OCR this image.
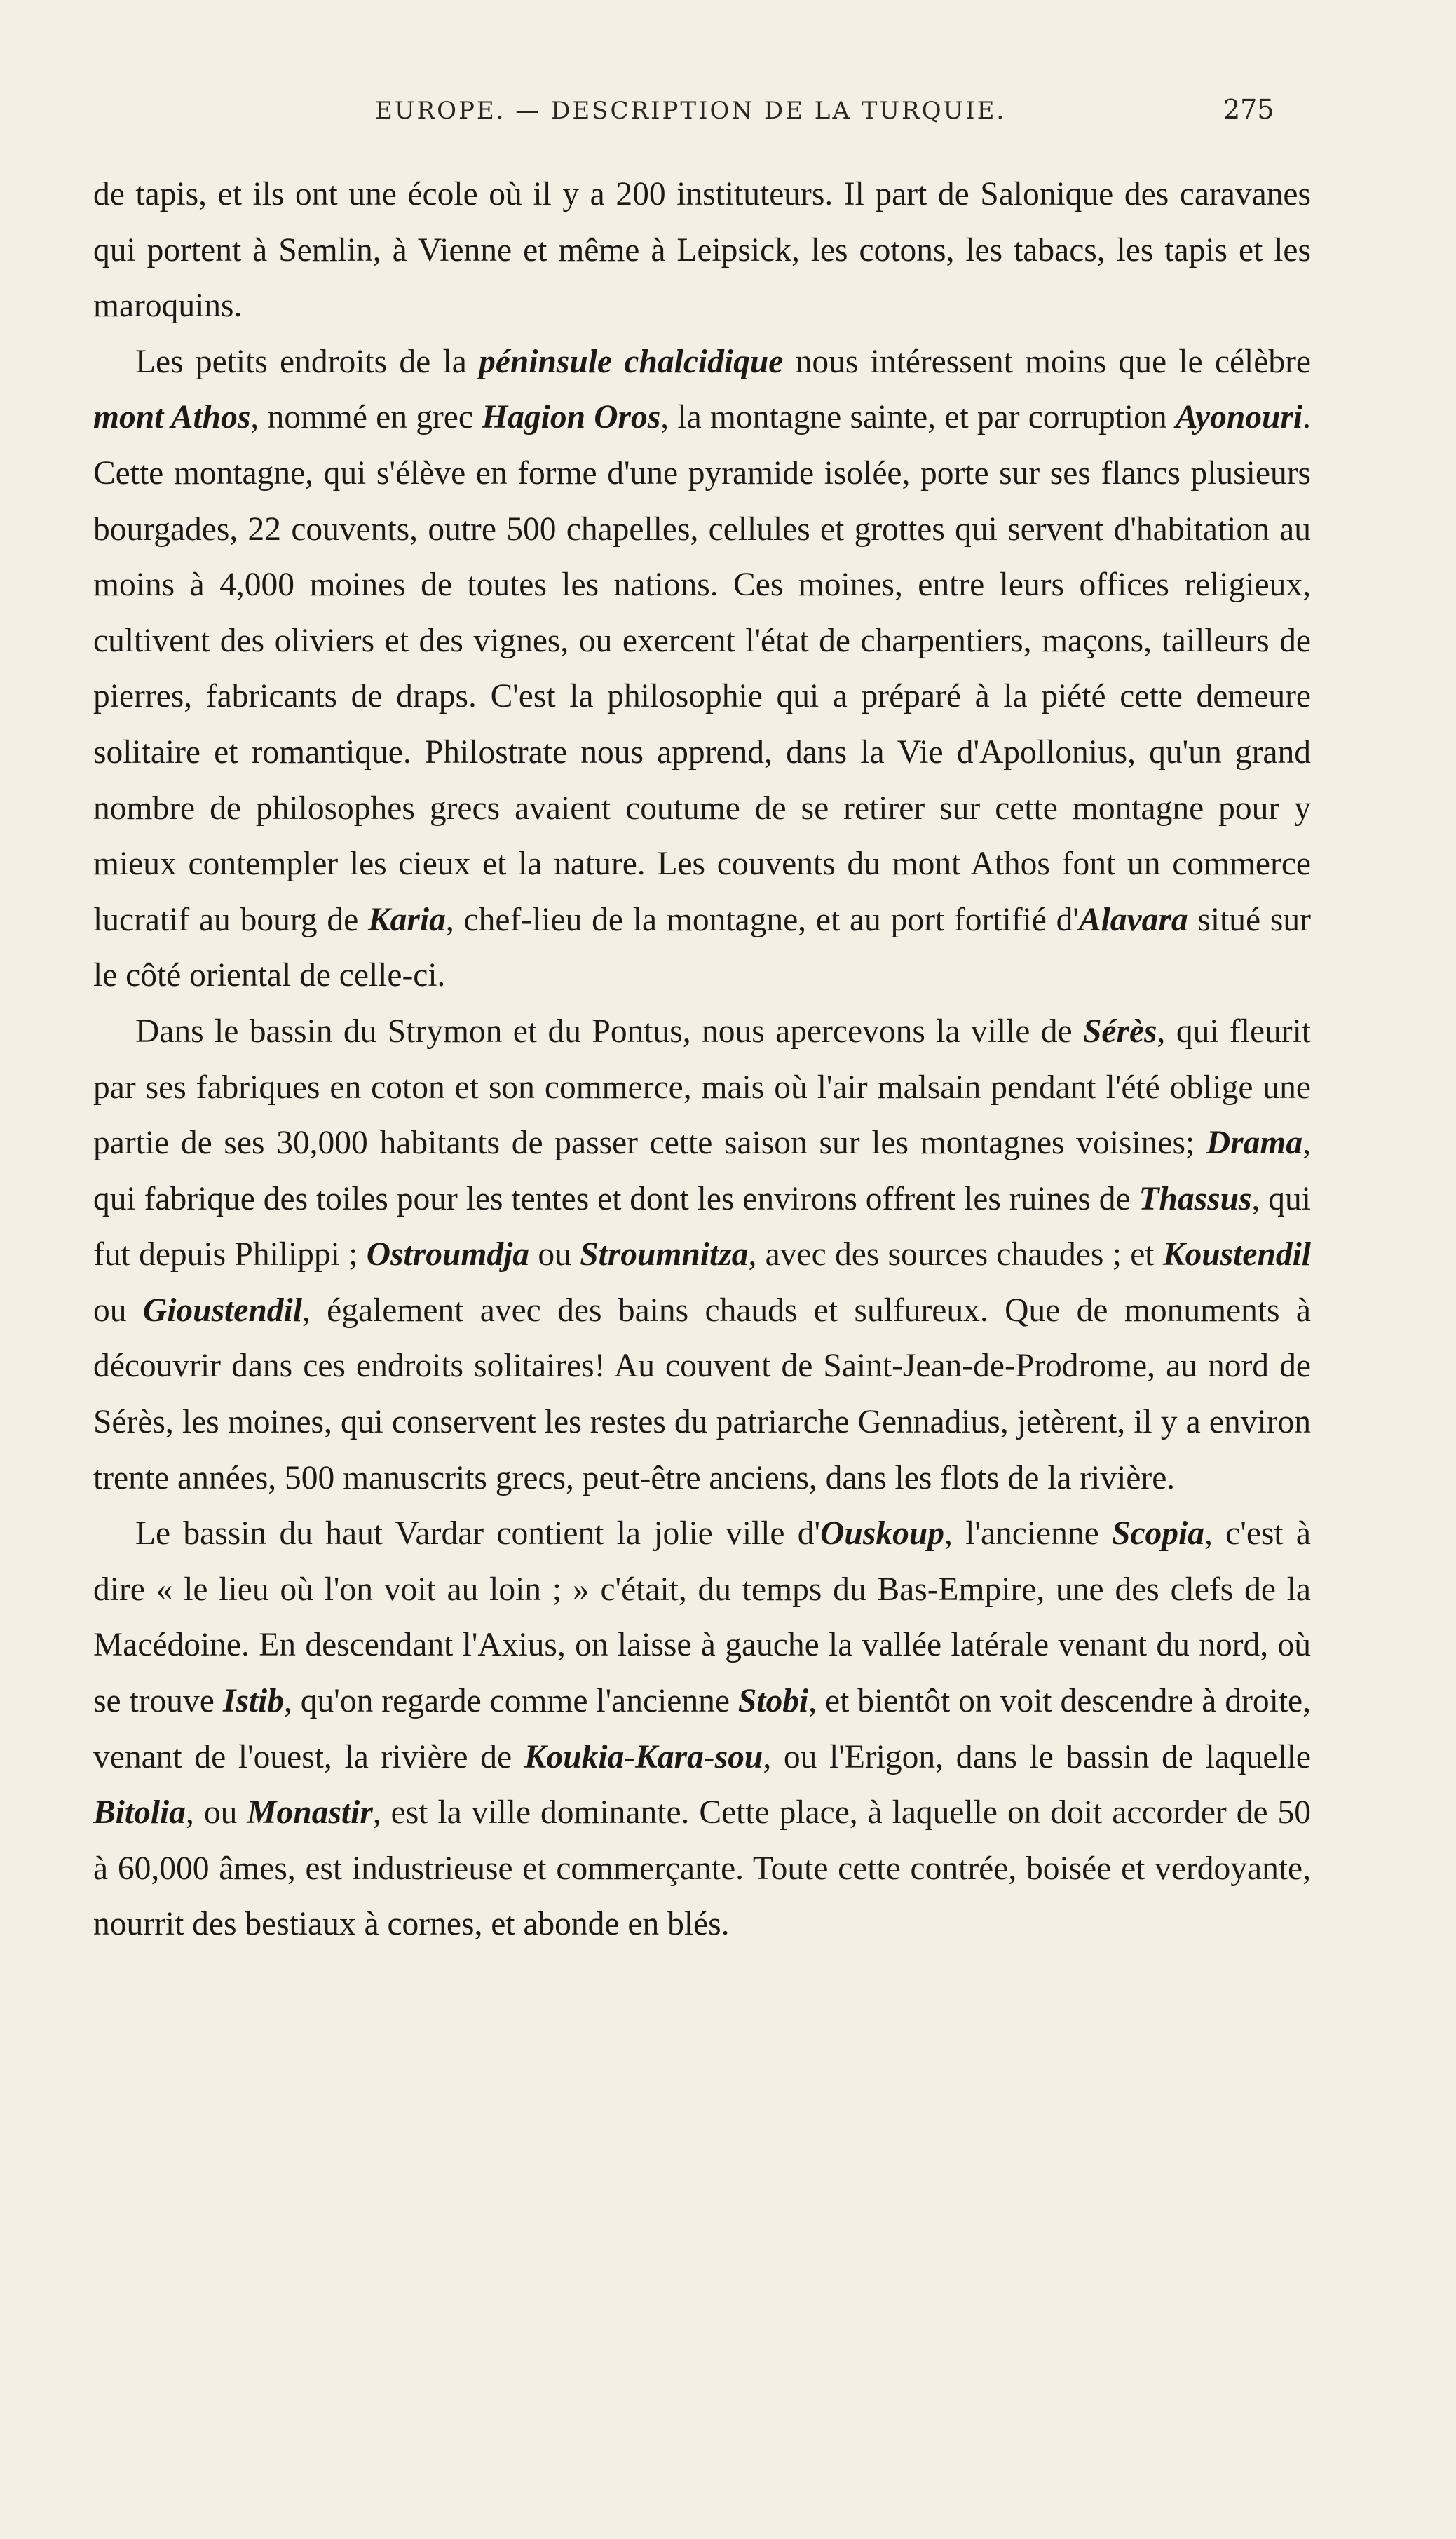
EUROPE. — DESCRIPTION DE LA TURQUIE.	275

de tapis, et ils ont une école où il y a 200 instituteurs. Il part de Salonique des caravanes qui portent à Semlin, à Vienne et même à Leipsick, les cotons, les tabacs, les tapis et les maroquins.

Les petits endroits de la péninsule chalcidique nous intéressent moins que le célèbre mont Athos, nommé en grec Hagion Oros, la montagne sainte, et par corruption Ayonouri. Cette montagne, qui s'élève en forme d'une pyramide isolée, porte sur ses flancs plusieurs bourgades, 22 couvents, outre 500 chapelles, cellules et grottes qui servent d'habitation au moins à 4,000 moines de toutes les nations. Ces moines, entre leurs offices religieux, cultivent des oliviers et des vignes, ou exercent l'état de charpentiers, maçons, tailleurs de pierres, fabricants de draps. C'est la philosophie qui a préparé à la piété cette demeure solitaire et romantique. Philostrate nous apprend, dans la Vie d'Apollonius, qu'un grand nombre de philosophes grecs avaient coutume de se retirer sur cette montagne pour y mieux contempler les cieux et la nature. Les couvents du mont Athos font un commerce lucratif au bourg de Karia, chef-lieu de la montagne, et au port fortifié d'Alavara situé sur le côté oriental de celle-ci.

Dans le bassin du Strymon et du Pontus, nous apercevons la ville de Sérès, qui fleurit par ses fabriques en coton et son commerce, mais où l'air malsain pendant l'été oblige une partie de ses 30,000 habitants de passer cette saison sur les montagnes voisines; Drama, qui fabrique des toiles pour les tentes et dont les environs offrent les ruines de Thassus, qui fut depuis Philippi ; Ostroumdja ou Stroumnitza, avec des sources chaudes ; et Koustendil ou Gioustendil, également avec des bains chauds et sulfureux. Que de monuments à découvrir dans ces endroits solitaires! Au couvent de Saint-Jean-de-Prodrome, au nord de Sérès, les moines, qui conservent les restes du patriarche Gennadius, jetèrent, il y a environ trente années, 500 manuscrits grecs, peut-être anciens, dans les flots de la rivière.

Le bassin du haut Vardar contient la jolie ville d'Ouskoup, l'ancienne Scopia, c'est à dire « le lieu où l'on voit au loin ; » c'était, du temps du Bas-Empire, une des clefs de la Macédoine. En descendant l'Axius, on laisse à gauche la vallée latérale venant du nord, où se trouve Istib, qu'on regarde comme l'ancienne Stobi, et bientôt on voit descendre à droite, venant de l'ouest, la rivière de Koukia-Kara-sou, ou l'Erigon, dans le bassin de laquelle Bitolia, ou Monastir, est la ville dominante. Cette place, à laquelle on doit accorder de 50 à 60,000 âmes, est industrieuse et commerçante. Toute cette contrée, boisée et verdoyante, nourrit des bestiaux à cornes, et abonde en blés.
